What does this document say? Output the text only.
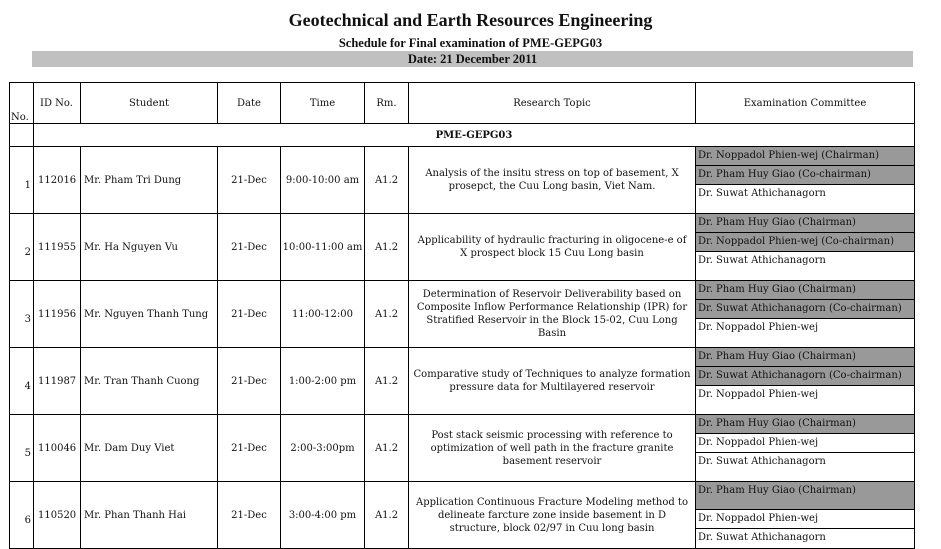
Geotechnical and Earth Resources Engineering
Schedule for Final examination of PME-GEPG03
Date: 21 December 2011
No.	ID No.	Student	Date	Time	Rm.	Research Topic	Examination Committee
	PME-GEPG03						
1	112016	Mr. Pham Tri Dung	21-Dec	9:00-10:00 am	A1.2	Analysis of the insitu stress on top of basement, X prosepct, the Cuu Long basin, Viet Nam.	Dr. Noppadol Phien-wej (Chairman)
Dr. Pham Huy Giao (Co-chairman)
Dr. Suwat Athichanagorn

2	111955	Mr. Ha Nguyen Vu	21-Dec	10:00-11:00 am	A1.2	Applicability of hydraulic fracturing in oligocene-e of X prospect block 15 Cuu Long basin	Dr. Pham Huy Giao (Chairman)
Dr. Noppadol Phien-wej (Co-chairman)
Dr. Suwat Athichanagorn

3	111956	Mr. Nguyen Thanh Tung	21-Dec	11:00-12:00	A1.2	Determination of Reservoir Deliverability based on Composite Inflow Performance Relationship (IPR) for Stratified Reservoir in the Block 15-02, Cuu Long Basin	Dr. Pham Huy Giao (Chairman)
Dr. Suwat Athichanagorn (Co-chairman)
Dr. Noppadol Phien-wej

4	111987	Mr. Tran Thanh Cuong	21-Dec	1:00-2:00 pm	A1.2	Comparative study of Techniques to analyze formation pressure data for Multilayered reservoir	Dr. Pham Huy Giao (Chairman)
Dr. Suwat Athichanagorn (Co-chairman)
Dr. Noppadol Phien-wej

5	110046	Mr. Dam Duy Viet	21-Dec	2:00-3:00pm	A1.2	Post stack seismic processing with reference to optimization of well path in the fracture granite basement reservoir	Dr. Pham Huy Giao (Chairman)
Dr. Noppadol Phien-wej
Dr. Suwat Athichanagorn

6	110520	Mr. Phan Thanh Hai	21-Dec	3:00-4:00 pm	A1.2	Application Continuous Fracture Modeling method to delineate farcture zone inside basement in D structure, block 02/97 in Cuu long basin	Dr. Pham Huy Giao (Chairman)
Dr. Noppadol Phien-wej
Dr. Suwat Athichanagorn
